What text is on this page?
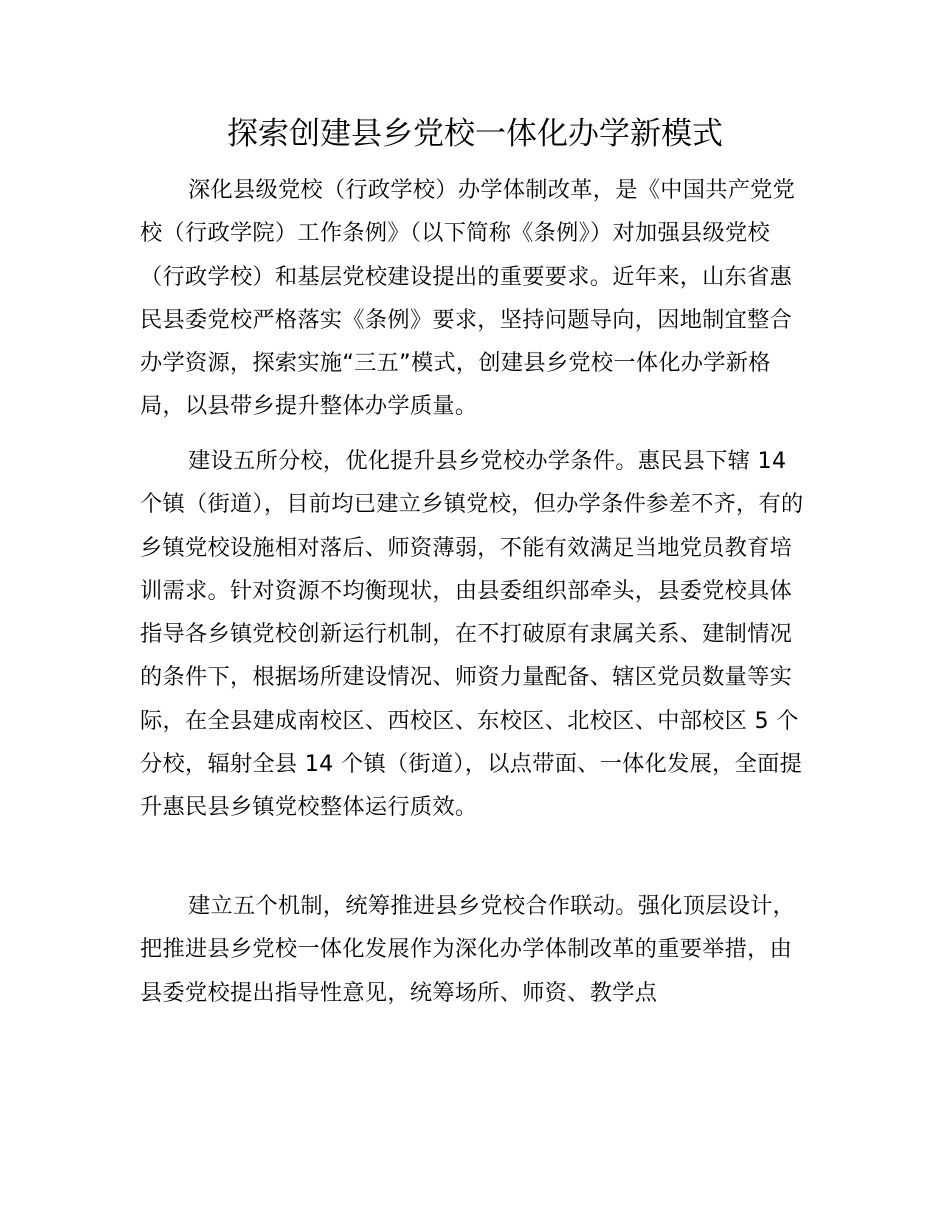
探索创建县乡党校一体化办学新模式

深化县级党校（行政学校）办学体制改革，是《中国共产党党校（行政学院）工作条例》（以下简称《条例》）对加强县级党校（行政学校）和基层党校建设提出的重要要求。近年来，山东省惠民县委党校严格落实《条例》要求，坚持问题导向，因地制宜整合办学资源，探索实施“三五”模式，创建县乡党校一体化办学新格局，以县带乡提升整体办学质量。

建设五所分校，优化提升县乡党校办学条件。惠民县下辖 14 个镇（街道），目前均已建立乡镇党校，但办学条件参差不齐，有的乡镇党校设施相对落后、师资薄弱，不能有效满足当地党员教育培训需求。针对资源不均衡现状，由县委组织部牵头，县委党校具体指导各乡镇党校创新运行机制，在不打破原有隶属关系、建制情况的条件下，根据场所建设情况、师资力量配备、辖区党员数量等实际，在全县建成南校区、西校区、东校区、北校区、中部校区 5 个分校，辐射全县 14 个镇（街道），以点带面、一体化发展，全面提升惠民县乡镇党校整体运行质效。

建立五个机制，统筹推进县乡党校合作联动。强化顶层设计，把推进县乡党校一体化发展作为深化办学体制改革的重要举措，由县委党校提出指导性意见，统筹场所、师资、教学点
